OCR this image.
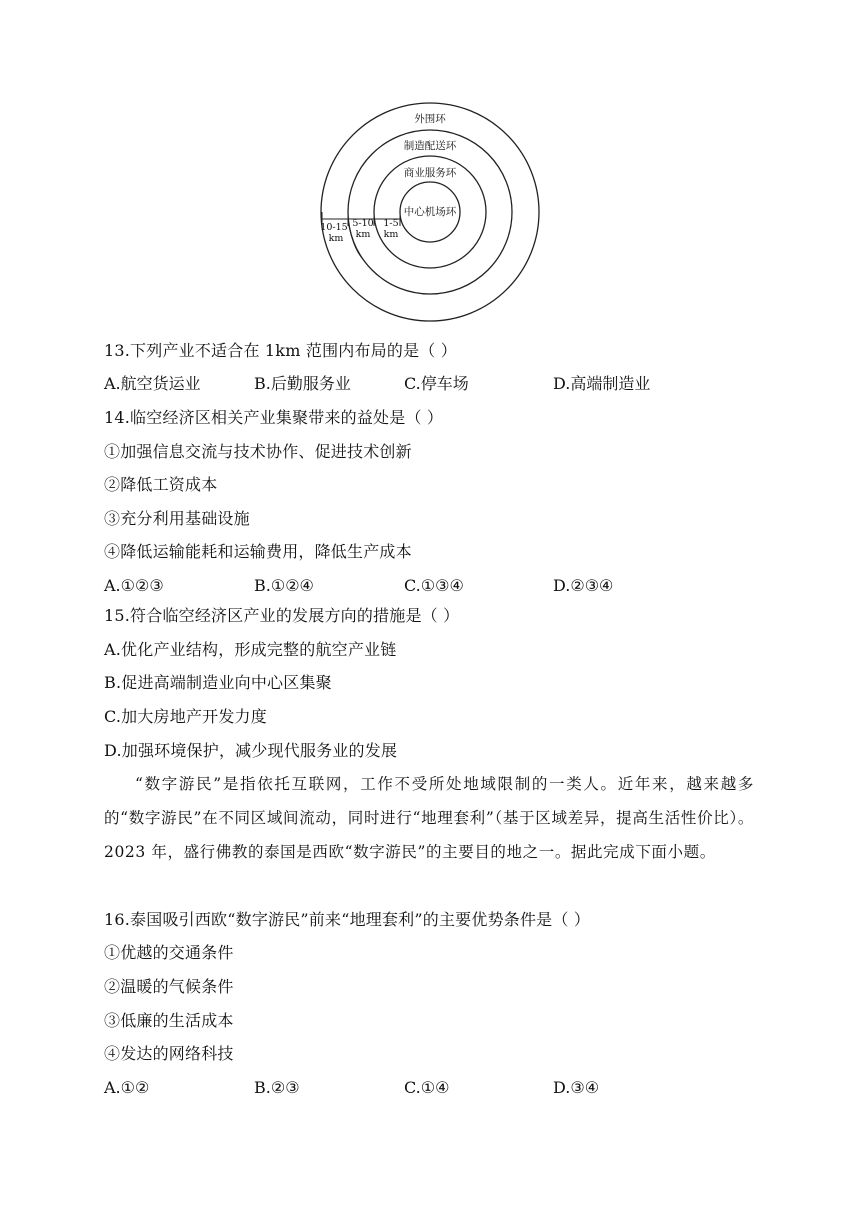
外围环
制造配送环
商业服务环
中心机场环
10-15
km
5-10
km
1-5
km
13.下列产业不适合在 1km 范围内布局的是（ ）
A.航空货运业	B.后勤服务业	C.停车场	D.高端制造业
14.临空经济区相关产业集聚带来的益处是（ ）
①加强信息交流与技术协作、促进技术创新
②降低工资成本
③充分利用基础设施
④降低运输能耗和运输费用，降低生产成本
A.①②③	B.①②④	C.①③④	D.②③④
15.符合临空经济区产业的发展方向的措施是（ ）
A.优化产业结构，形成完整的航空产业链
B.促进高端制造业向中心区集聚
C.加大房地产开发力度
D.加强环境保护，减少现代服务业的发展
“数字游民”是指依托互联网，工作不受所处地域限制的一类人。近年来，越来越多的“数字游民”在不同区域间流动，同时进行“地理套利”（基于区域差异，提高生活性价比）。2023 年，盛行佛教的泰国是西欧“数字游民”的主要目的地之一。据此完成下面小题。
16.泰国吸引西欧“数字游民”前来“地理套利”的主要优势条件是（ ）
①优越的交通条件
②温暖的气候条件
③低廉的生活成本
④发达的网络科技
A.①②	B.②③	C.①④	D.③④
